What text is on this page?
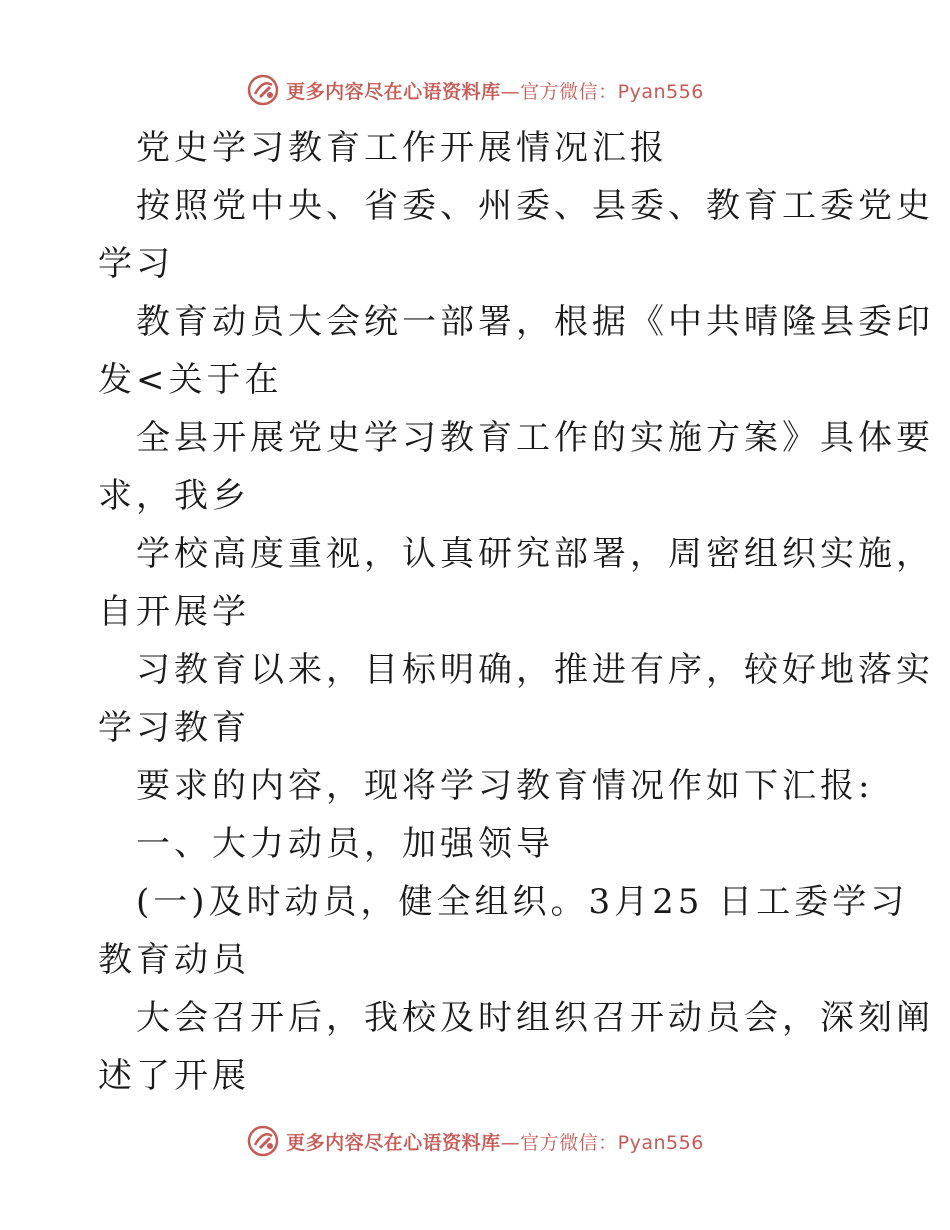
更多内容尽在心语资料库—官方微信：Pyan556
党史学习教育工作开展情况汇报
按照党中央、省委、州委、县委、教育工委党史
学习
教育动员大会统一部署，根据《中共晴隆县委印
发<关于在
全县开展党史学习教育工作的实施方案》具体要
求，我乡
学校高度重视，认真研究部署，周密组织实施，
自开展学
习教育以来，目标明确，推进有序，较好地落实
学习教育
要求的内容，现将学习教育情况作如下汇报:
一、大力动员，加强领导
(一)及时动员，健全组织。3月25 日工委学习
教育动员
大会召开后，我校及时组织召开动员会，深刻阐
述了开展
更多内容尽在心语资料库—官方微信：Pyan556
